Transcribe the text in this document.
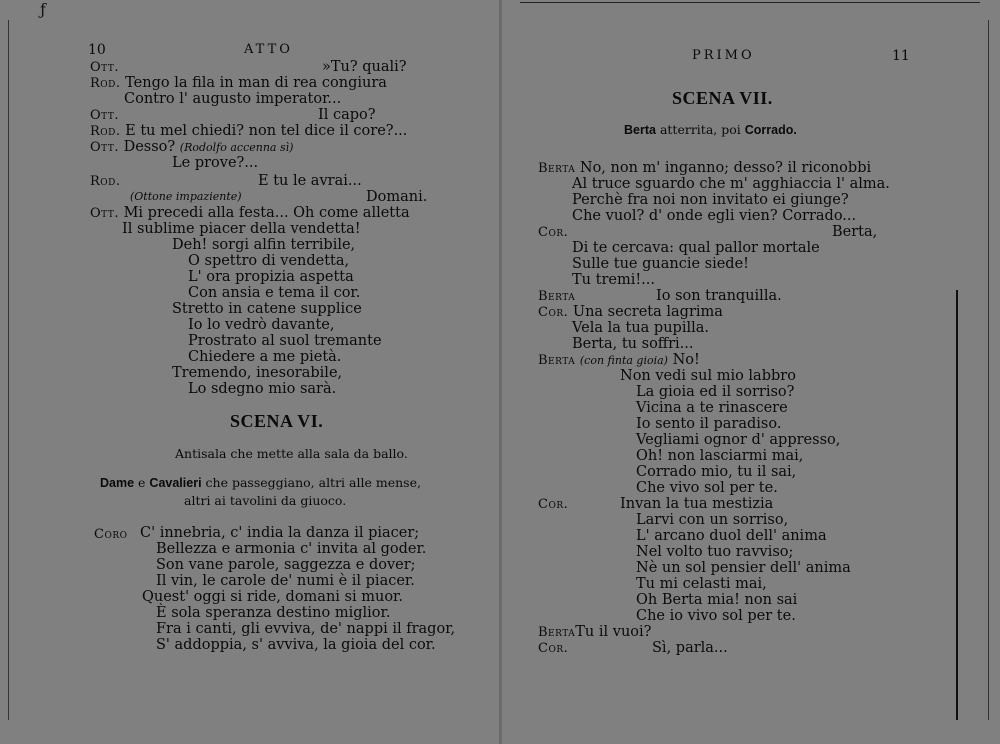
10	ATTO
Ott.	»Tu? quali?
Rod. Tengo la fila in man di rea congiura
Contro l' augusto imperator...
Ott.	Il capo?
Rod. E tu mel chiedi? non tel dice il core?...
Ott. Desso? (Rodolfo accenna sì)
Le prove?...
Rod.	E tu le avrai...
(Ottone impaziente)	Domani.
Ott. Mi precedi alla festa... Oh come alletta
Il sublime piacer della vendetta!
Deh! sorgi alfin terribile,
O spettro di vendetta,
L' ora propizia aspetta
Con ansia e tema il cor.
Stretto in catene supplice
Io lo vedrò davante,
Prostrato al suol tremante
Chiedere a me pietà.
Tremendo, inesorabile,
Lo sdegno mio sarà.
SCENA VI.
Antisala che mette alla sala da ballo.
Dame e Cavalieri che passeggiano, altri alle mense,
altri ai tavolini da giuoco.
Coro C' innebria, c' india la danza il piacer;
Bellezza e armonia c' invita al goder.
Son vane parole, saggezza e dover;
Il vin, le carole de' numi è il piacer.
Quest' oggi si ride, domani si muor.
È sola speranza destino miglior.
Fra i canti, gli evviva, de' nappi il fragor,
S' addoppia, s' avviva, la gioia del cor.
ƒ
PRIMO	11
SCENA VII.
Berta atterrita, poi Corrado.
Berta No, non m' inganno; desso? il riconobbi
Al truce sguardo che m' agghiaccia l' alma.
Perchè fra noi non invitato ei giunge?
Che vuol? d' onde egli vien? Corrado...
Cor.	Berta,
Di te cercava: qual pallor mortale
Sulle tue guancie siede!
Tu tremi!...
Berta	Io son tranquilla.
Cor. Una secreta lagrima
Vela la tua pupilla.
Berta, tu soffri...
Berta (con finta gioia) No!
Non vedi sul mio labbro
La gioia ed il sorriso?
Vicina a te rinascere
Io sento il paradiso.
Vegliami ognor d' appresso,
Oh! non lasciarmi mai,
Corrado mio, tu il sai,
Che vivo sol per te.
Cor.	Invan la tua mestizia
Larvi con un sorriso,
L' arcano duol dell' anima
Nel volto tuo ravviso;
Nè un sol pensier dell' anima
Tu mi celasti mai,
Oh Berta mia! non sai
Che io vivo sol per te.
BertaTu il vuoi?
Cor.	Sì, parla...
